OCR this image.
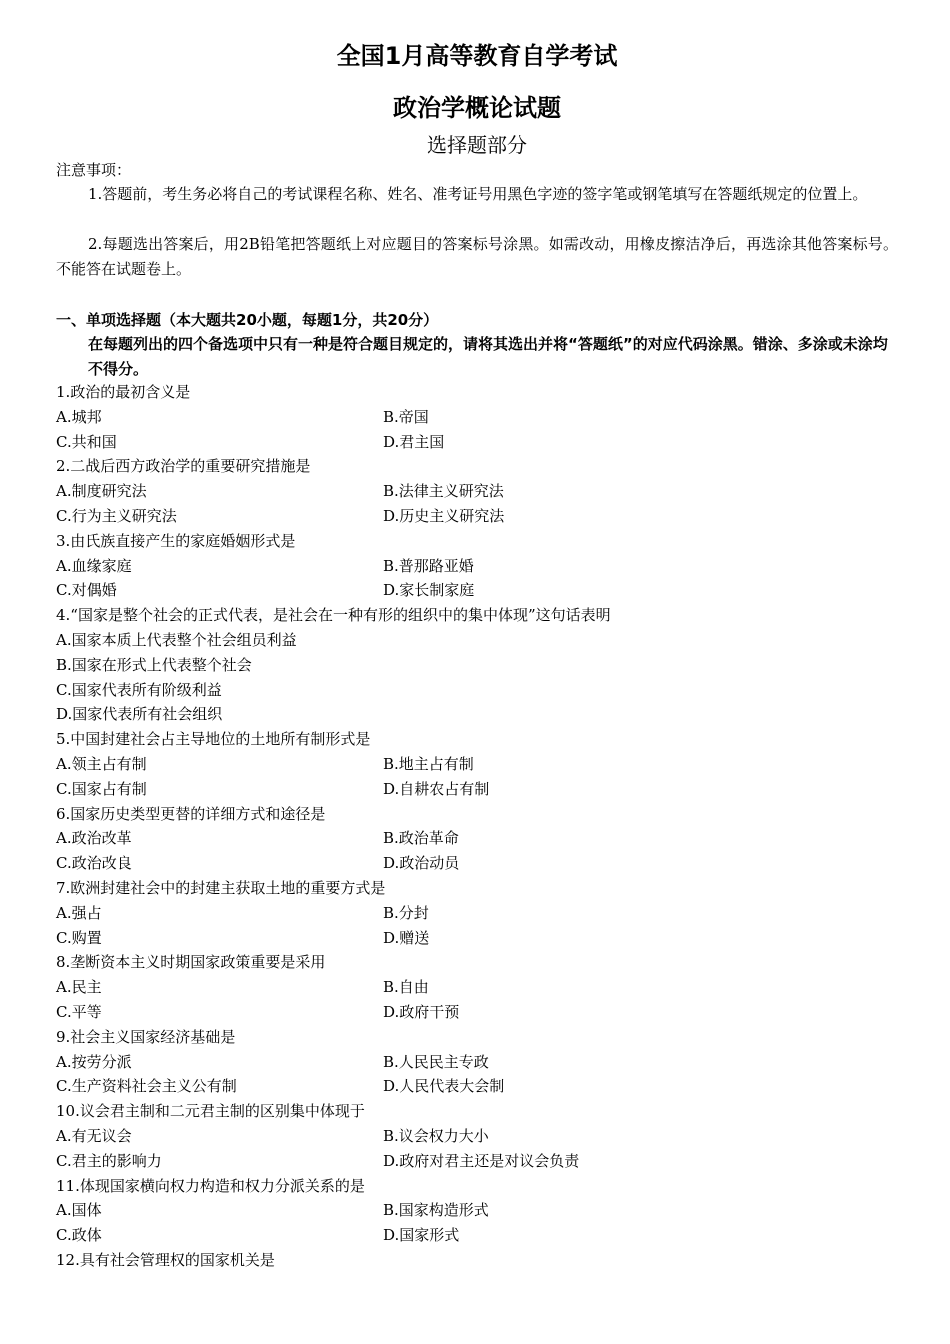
全国1月高等教育自学考试
政治学概论试题
选择题部分
注意事项：
1.答题前，考生务必将自己的考试课程名称、姓名、准考证号用黑色字迹的签字笔或钢笔填写在答题纸规定的位置上。
2.每题选出答案后，用2B铅笔把答题纸上对应题目的答案标号涂黑。如需改动，用橡皮擦洁净后，再选涂其他答案标号。不能答在试题卷上。
一、单项选择题（本大题共20小题，每题1分，共20分）
在每题列出的四个备选项中只有一种是符合题目规定的，请将其选出并将“答题纸”的对应代码涂黑。错涂、多涂或未涂均不得分。
1.政治的最初含义是
A.城邦	B.帝国
C.共和国	D.君主国
2.二战后西方政治学的重要研究措施是
A.制度研究法	B.法律主义研究法
C.行为主义研究法	D.历史主义研究法
3.由氏族直接产生的家庭婚姻形式是
A.血缘家庭	B.普那路亚婚
C.对偶婚	D.家长制家庭
4.“国家是整个社会的正式代表，是社会在一种有形的组织中的集中体现”这句话表明
A.国家本质上代表整个社会组员利益
B.国家在形式上代表整个社会
C.国家代表所有阶级利益
D.国家代表所有社会组织
5.中国封建社会占主导地位的土地所有制形式是
A.领主占有制	B.地主占有制
C.国家占有制	D.自耕农占有制
6.国家历史类型更替的详细方式和途径是
A.政治改革	B.政治革命
C.政治改良	D.政治动员
7.欧洲封建社会中的封建主获取土地的重要方式是
A.强占	B.分封
C.购置	D.赠送
8.垄断资本主义时期国家政策重要是采用
A.民主	B.自由
C.平等	D.政府干预
9.社会主义国家经济基础是
A.按劳分派	B.人民民主专政
C.生产资料社会主义公有制	D.人民代表大会制
10.议会君主制和二元君主制的区别集中体现于
A.有无议会	B.议会权力大小
C.君主的影响力	D.政府对君主还是对议会负责
11.体现国家横向权力构造和权力分派关系的是
A.国体	B.国家构造形式
C.政体	D.国家形式
12.具有社会管理权的国家机关是
